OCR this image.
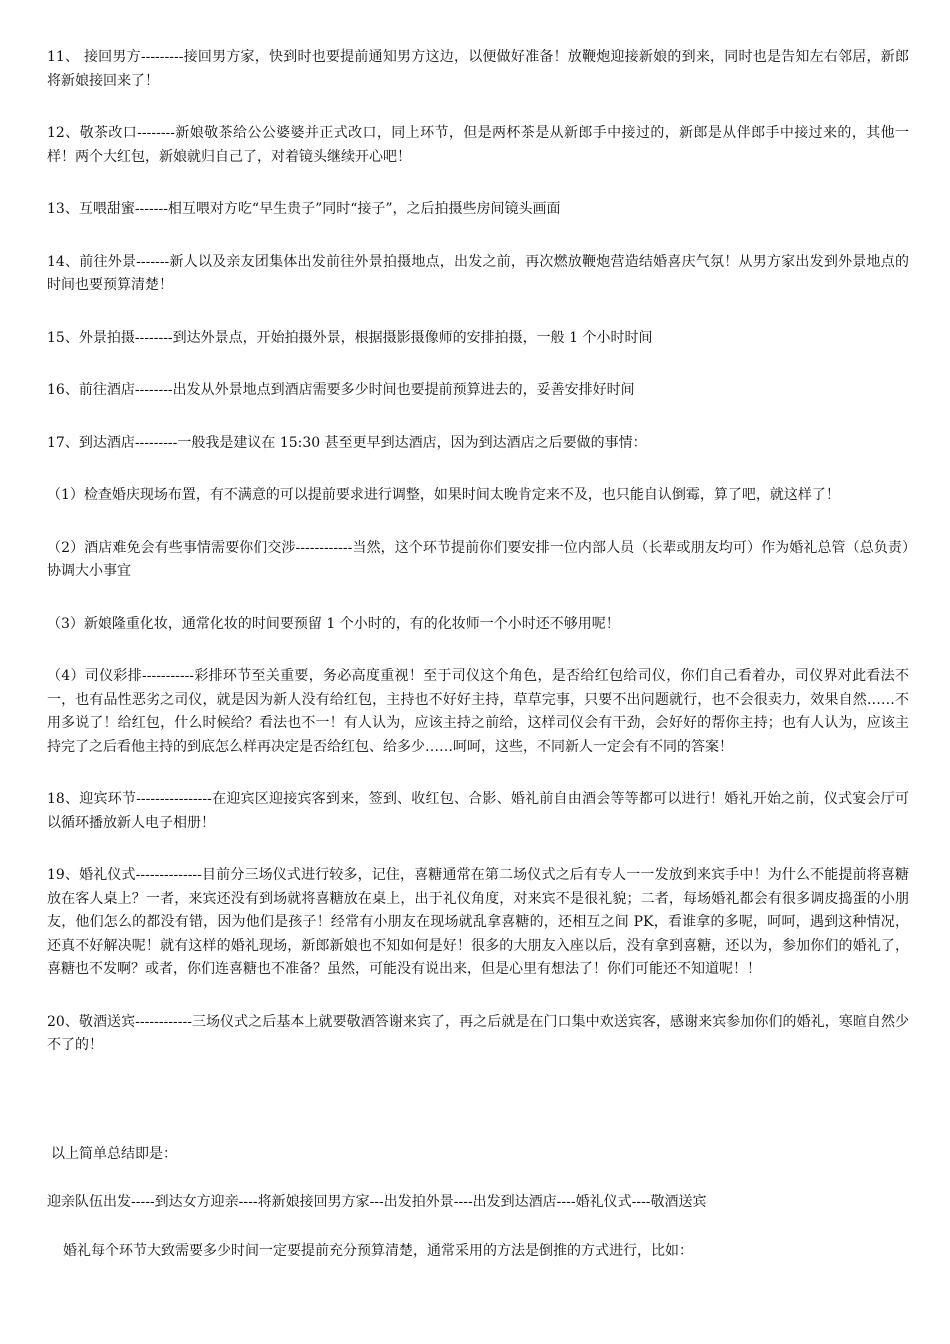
11、 接回男方---------接回男方家，快到时也要提前通知男方这边，以便做好准备！放鞭炮迎接新娘的到来，同时也是告知左右邻居，新郎将新娘接回来了！

12、敬茶改口--------新娘敬茶给公公婆婆并正式改口，同上环节，但是两杯茶是从新郎手中接过的，新郎是从伴郎手中接过来的，其他一样！两个大红包，新娘就归自己了，对着镜头继续开心吧！

13、互喂甜蜜-------相互喂对方吃“早生贵子”同时“接子”，之后拍摄些房间镜头画面

14、前往外景-------新人以及亲友团集体出发前往外景拍摄地点，出发之前，再次燃放鞭炮营造结婚喜庆气氛！从男方家出发到外景地点的时间也要预算清楚！

15、外景拍摄--------到达外景点，开始拍摄外景，根据摄影摄像师的安排拍摄，一般 1 个小时时间

16、前往酒店--------出发从外景地点到酒店需要多少时间也要提前预算进去的，妥善安排好时间

17、到达酒店---------一般我是建议在 15:30 甚至更早到达酒店，因为到达酒店之后要做的事情：

（1）检查婚庆现场布置，有不满意的可以提前要求进行调整，如果时间太晚肯定来不及，也只能自认倒霉，算了吧，就这样了！

（2）酒店难免会有些事情需要你们交涉------------当然，这个环节提前你们要安排一位内部人员（长辈或朋友均可）作为婚礼总管（总负责）协调大小事宜

（3）新娘隆重化妆，通常化妆的时间要预留 1 个小时的，有的化妆师一个小时还不够用呢！

（4）司仪彩排-----------彩排环节至关重要，务必高度重视！至于司仪这个角色，是否给红包给司仪，你们自己看着办，司仪界对此看法不一，也有品性恶劣之司仪，就是因为新人没有给红包，主持也不好好主持，草草完事，只要不出问题就行，也不会很卖力，效果自然……不用多说了！给红包，什么时候给？看法也不一！有人认为，应该主持之前给，这样司仪会有干劲，会好好的帮你主持；也有人认为，应该主持完了之后看他主持的到底怎么样再决定是否给红包、给多少……呵呵，这些，不同新人一定会有不同的答案！

18、迎宾环节----------------在迎宾区迎接宾客到来，签到、收红包、合影、婚礼前自由酒会等等都可以进行！婚礼开始之前，仪式宴会厅可以循环播放新人电子相册！

19、婚礼仪式--------------目前分三场仪式进行较多，记住，喜糖通常在第二场仪式之后有专人一一发放到来宾手中！为什么不能提前将喜糖放在客人桌上？一者，来宾还没有到场就将喜糖放在桌上，出于礼仪角度，对来宾不是很礼貌；二者，每场婚礼都会有很多调皮捣蛋的小朋友，他们怎么的都没有错，因为他们是孩子！经常有小朋友在现场就乱拿喜糖的，还相互之间 PK，看谁拿的多呢，呵呵，遇到这种情况，还真不好解决呢！就有这样的婚礼现场，新郎新娘也不知如何是好！很多的大朋友入座以后，没有拿到喜糖，还以为，参加你们的婚礼了，喜糖也不发啊？或者，你们连喜糖也不准备？虽然，可能没有说出来，但是心里有想法了！你们可能还不知道呢！！

20、敬酒送宾------------三场仪式之后基本上就要敬酒答谢来宾了，再之后就是在门口集中欢送宾客，感谢来宾参加你们的婚礼，寒暄自然少不了的！

以上简单总结即是：

迎亲队伍出发-----到达女方迎亲----将新娘接回男方家---出发拍外景----出发到达酒店----婚礼仪式----敬酒送宾

婚礼每个环节大致需要多少时间一定要提前充分预算清楚，通常采用的方法是倒推的方式进行，比如：
